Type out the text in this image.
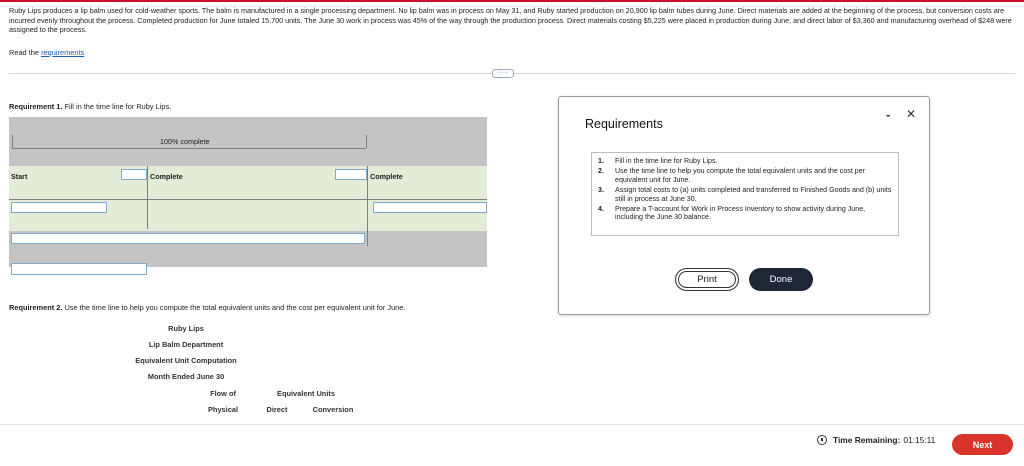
Ruby Lips produces a lip balm used for cold-weather sports. The balm is manufactured in a single processing department. No lip balm was in process on May 31, and Ruby started production on 20,900 lip balm tubes during June. Direct materials are added at the beginning of the process, but conversion costs are incurred evenly throughout the process. Completed production for June totaled 15,700 units. The June 30 work in process was 45% of the way through the production process. Direct materials costing $5,225 were placed in production during June, and direct labor of $3,360 and manufacturing overhead of $248 were assigned to the process.

Read the requirements
·····
Requirement 1. Fill in the time line for Ruby Lips.
100% complete
Start	Complete	Complete
Requirement 2. Use the time line to help you compute the total equivalent units and the cost per equivalent unit for June.
Ruby Lips
Lip Balm Department
Equivalent Unit Computation
Month Ended June 30
Flow of
Physical
Equivalent Units
Direct	Conversion
Requirements
- ✕
1. Fill in the time line for Ruby Lips.
2. Use the time line to help you compute the total equivalent units and the cost per equivalent unit for June.
3. Assign total costs to (a) units completed and transferred to Finished Goods and (b) units still in process at June 30.
4. Prepare a T-account for Work in Process Inventory to show activity during June, including the June 30 balance.
Print	Done
Time Remaining: 01:15:11	Next
